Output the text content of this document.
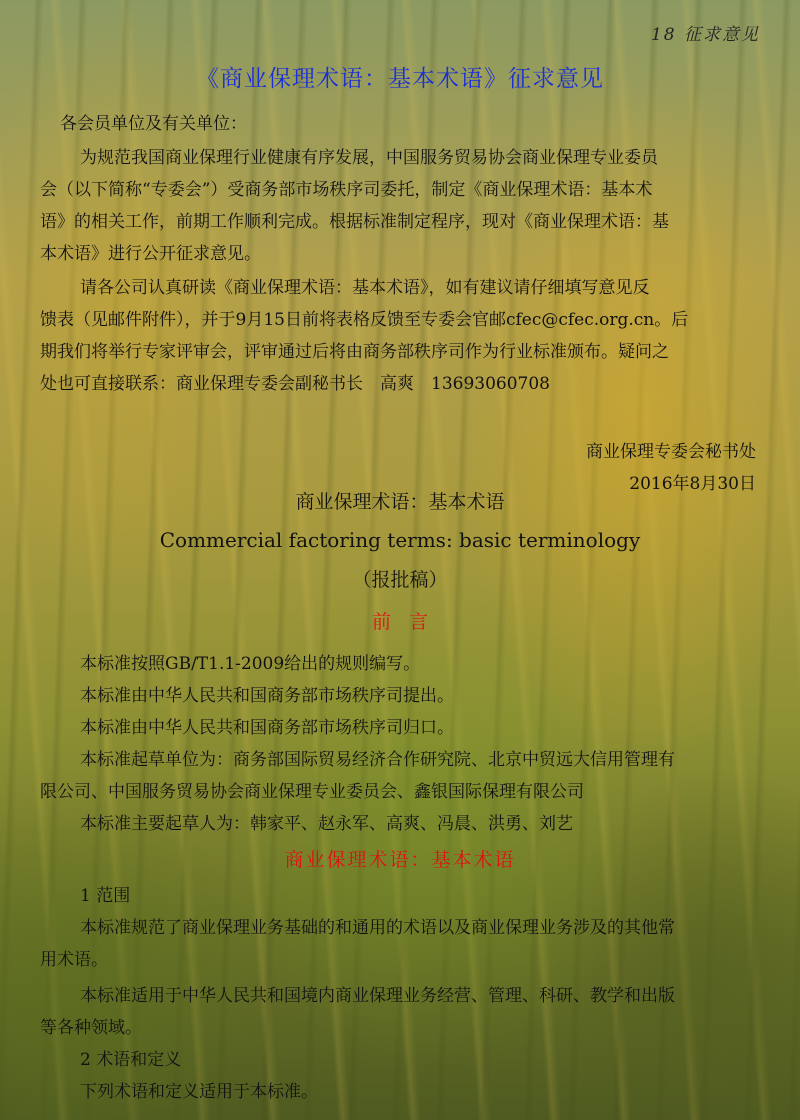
18 征求意见
《商业保理术语：基本术语》征求意见
各会员单位及有关单位：
为规范我国商业保理行业健康有序发展，中国服务贸易协会商业保理专业委员
会（以下简称“专委会”）受商务部市场秩序司委托，制定《商业保理术语：基本术
语》的相关工作，前期工作顺利完成。根据标准制定程序，现对《商业保理术语：基
本术语》进行公开征求意见。
请各公司认真研读《商业保理术语：基本术语》，如有建议请仔细填写意见反
馈表（见邮件附件），并于9月15日前将表格反馈至专委会官邮cfec@cfec.org.cn。后
期我们将举行专家评审会，评审通过后将由商务部秩序司作为行业标准颁布。疑问之
处也可直接联系：商业保理专委会副秘书长　高爽　13693060708
商业保理专委会秘书处
2016年8月30日
商业保理术语：基本术语
Commercial factoring terms: basic terminology
（报批稿）
前言
本标准按照GB/T1.1-2009给出的规则编写。
本标准由中华人民共和国商务部市场秩序司提出。
本标准由中华人民共和国商务部市场秩序司归口。
本标准起草单位为：商务部国际贸易经济合作研究院、北京中贸远大信用管理有
限公司、中国服务贸易协会商业保理专业委员会、鑫银国际保理有限公司
本标准主要起草人为：韩家平、赵永军、高爽、冯晨、洪勇、刘艺
商业保理术语：基本术语
1 范围
本标准规范了商业保理业务基础的和通用的术语以及商业保理业务涉及的其他常
用术语。
本标准适用于中华人民共和国境内商业保理业务经营、管理、科研、教学和出版
等各种领域。
2 术语和定义
下列术语和定义适用于本标准。
